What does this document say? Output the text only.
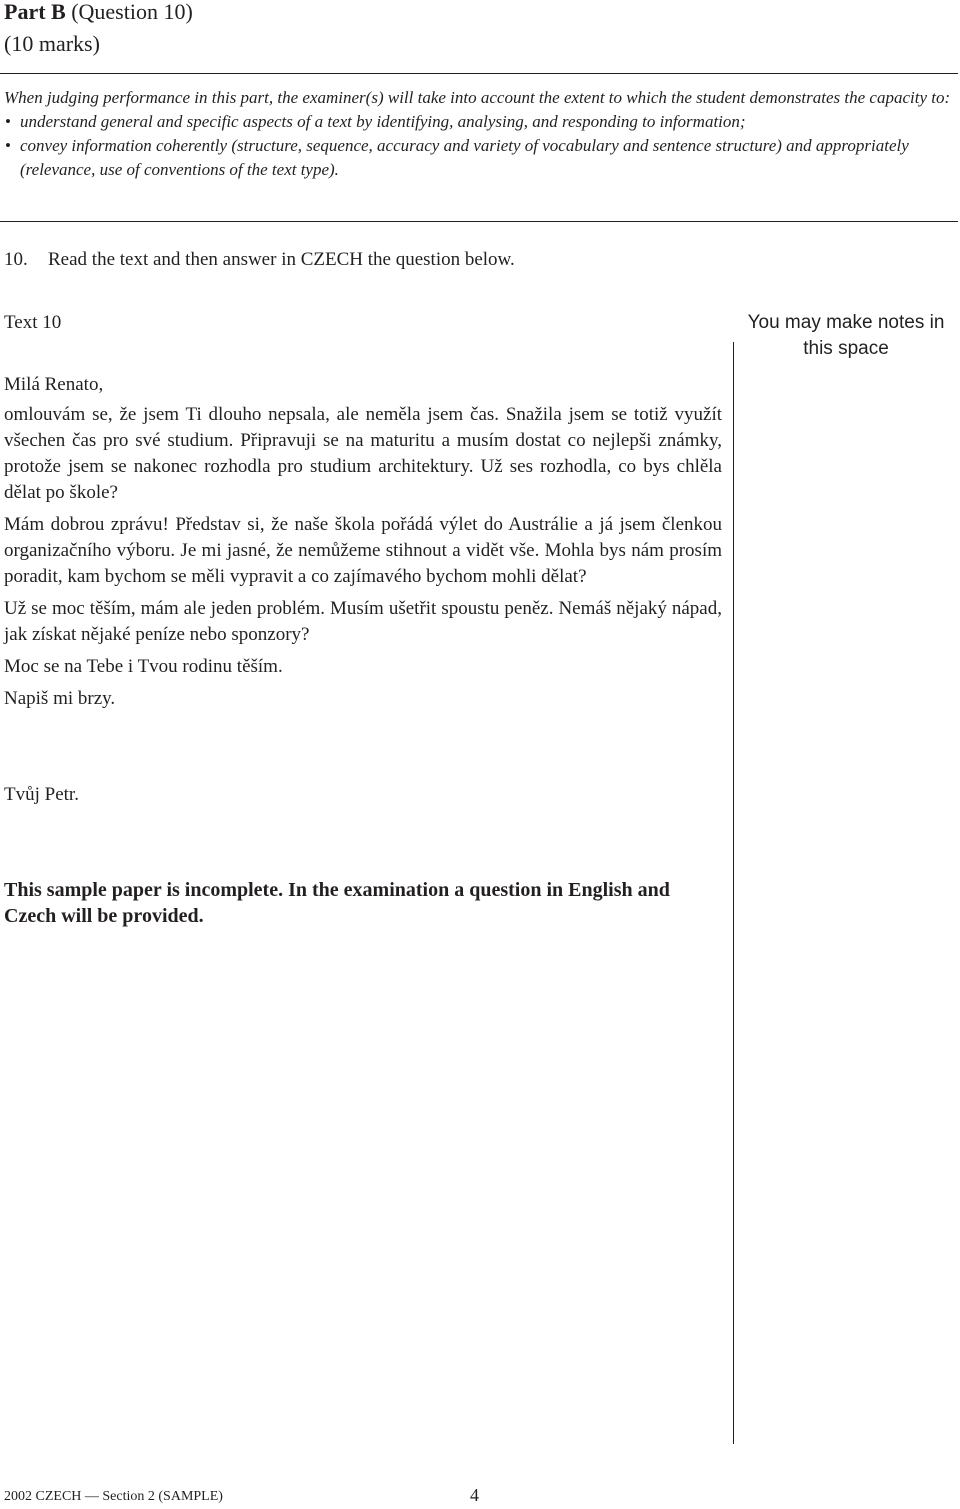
Part B (Question 10)
(10 marks)

When judging performance in this part, the examiner(s) will take into account the extent to which the student demonstrates the capacity to:

• understand general and specific aspects of a text by identifying, analysing, and responding to information;
• convey information coherently (structure, sequence, accuracy and variety of vocabulary and sentence structure) and appropriately (relevance, use of conventions of the text type).
10. Read the text and then answer in CZECH the question below.
Text 10	You may make notes in this space

Milá Renato,

omlouvám se, že jsem Ti dlouho nepsala, ale neměla jsem čas. Snažila jsem se totiž využít všechen čas pro své studium. Připravuji se na maturitu a musím dostat co nejlepši známky, protože jsem se nakonec rozhodla pro studium architektury. Už ses rozhodla, co bys chlěla dělat po škole?

Mám dobrou zprávu! Představ si, že naše škola pořádá výlet do Austrálie a já jsem členkou organizačního výboru. Je mi jasné, že nemůžeme stihnout a vidět vše. Mohla bys nám prosím poradit, kam bychom se měli vypravit a co zajímavého bychom mohli dělat?

Už se moc těším, mám ale jeden problém. Musím ušetřit spoustu peněz. Nemáš nějaký nápad, jak získat nějaké peníze nebo sponzory?

Moc se na Tebe i Tvou rodinu těším.

Napiš mi brzy.

Tvůj Petr.
This sample paper is incomplete. In the examination a question in English and Czech will be provided.
2002 CZECH — Section 2 (SAMPLE)	4
